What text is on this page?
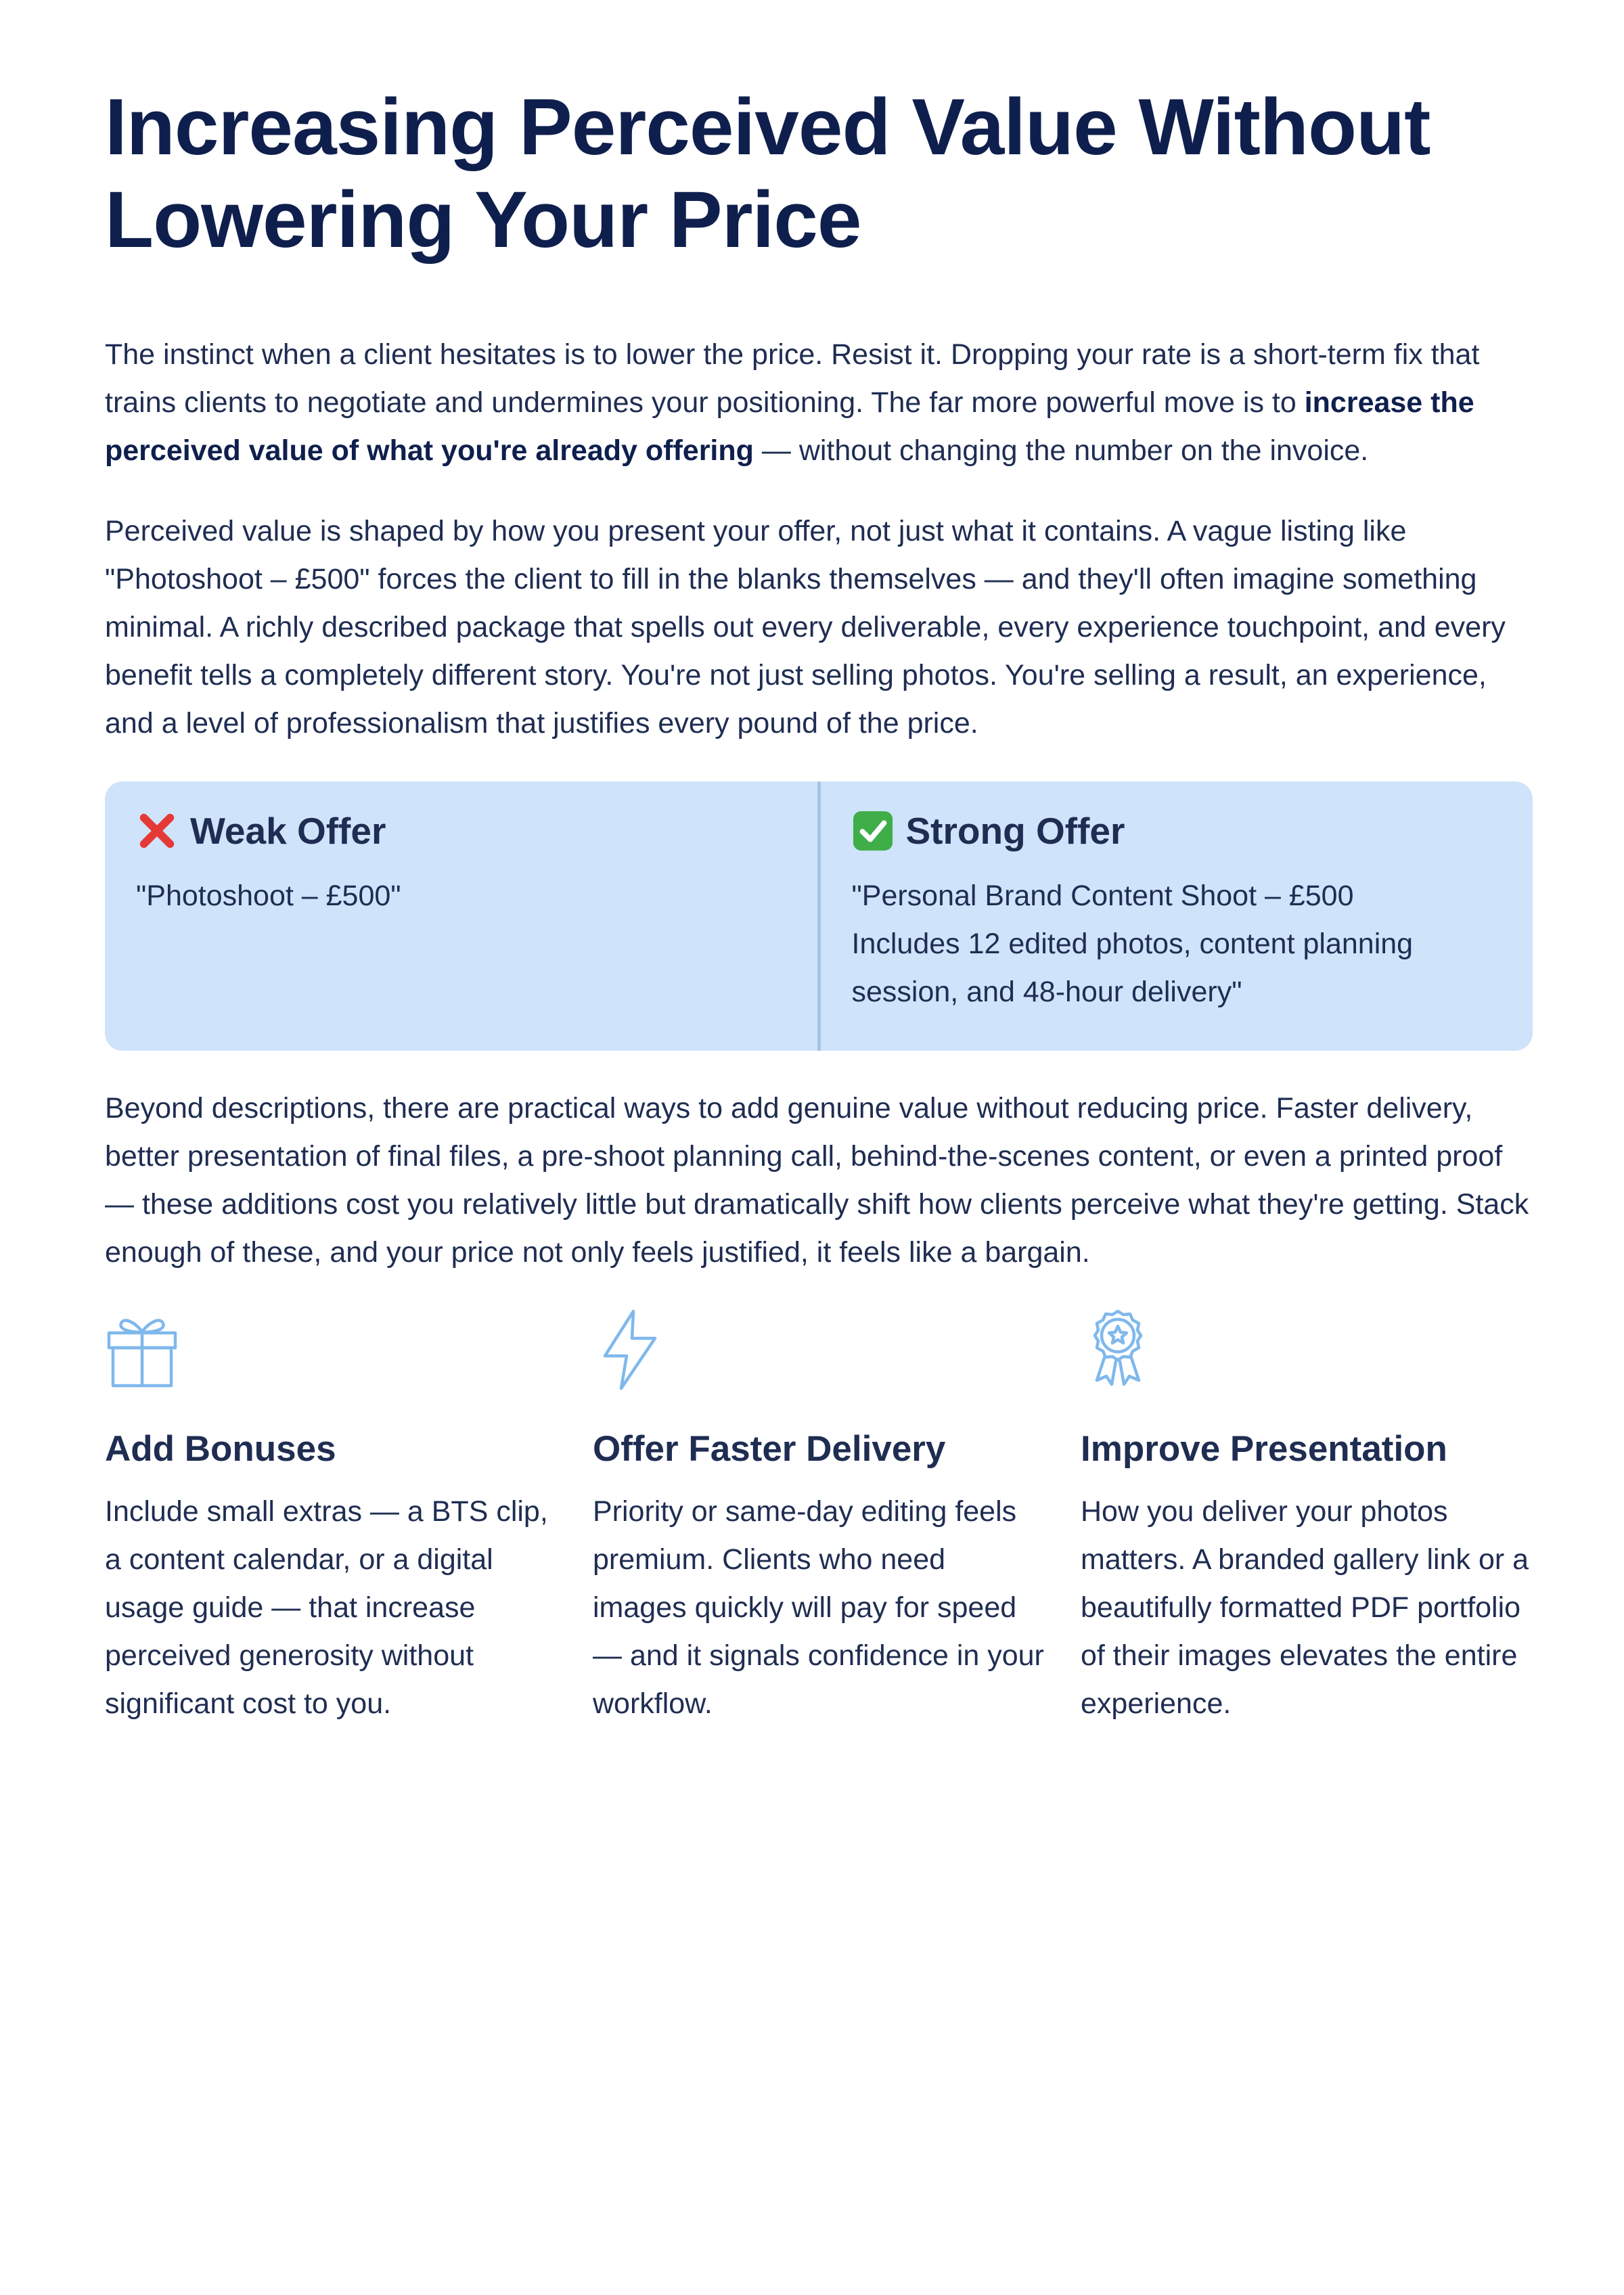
Increasing Perceived Value Without Lowering Your Price

The instinct when a client hesitates is to lower the price. Resist it. Dropping your rate is a short-term fix that trains clients to negotiate and undermines your positioning. The far more powerful move is to increase the perceived value of what you're already offering — without changing the number on the invoice.

Perceived value is shaped by how you present your offer, not just what it contains. A vague listing like "Photoshoot – £500" forces the client to fill in the blanks themselves — and they'll often imagine something minimal. A richly described package that spells out every deliverable, every experience touchpoint, and every benefit tells a completely different story. You're not just selling photos. You're selling a result, an experience, and a level of professionalism that justifies every pound of the price.

Weak Offer
"Photoshoot – £500"
Strong Offer
"Personal Brand Content Shoot – £500
Includes 12 edited photos, content planning session, and 48-hour delivery"

Beyond descriptions, there are practical ways to add genuine value without reducing price. Faster delivery, better presentation of final files, a pre-shoot planning call, behind-the-scenes content, or even a printed proof — these additions cost you relatively little but dramatically shift how clients perceive what they're getting. Stack enough of these, and your price not only feels justified, it feels like a bargain.

Add Bonuses

Include small extras — a BTS clip, a content calendar, or a digital usage guide — that increase perceived generosity without significant cost to you.

Offer Faster Delivery

Priority or same-day editing feels premium. Clients who need images quickly will pay for speed — and it signals confidence in your workflow.

Improve Presentation

How you deliver your photos matters. A branded gallery link or a beautifully formatted PDF portfolio of their images elevates the entire experience.
